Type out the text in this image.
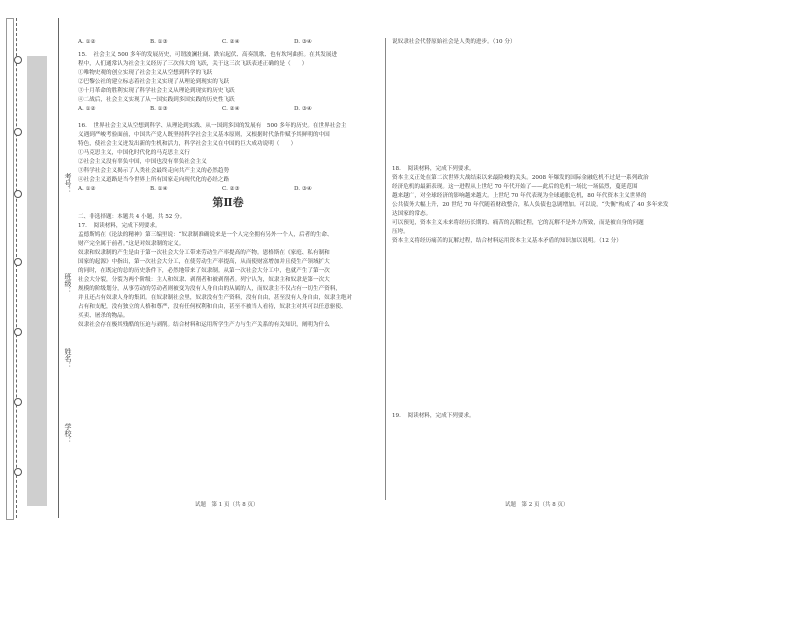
考号：
班级：
姓名：
学校：
A. ①②	B. ①③	C. ②④	D. ③④

15．　社会主义 500 多年的发展历史，可谓波澜壮阔、跌宕起伏、高奏凯歌、也有坎坷曲折。在其发展进

程中，人们通常认为社会主义经历了三次伟大的飞跃，关于这三次飞跃表述正确的是（　　）

①唯物史观的创立实现了社会主义从空想到科学的飞跃

②巴黎公社的建立标志着社会主义实现了从理论到现实的飞跃

③十月革命的胜利实现了科学社会主义从理论到现实的历史飞跃

④二战后，社会主义实现了从一国实践到多国实践的历史性飞跃

A. ①②	B. ①③	C. ②④	D. ③④

16．　世界社会主义从空想到科学、从理论到实践、从一国到多国的发展有　500 多年的历史。在世界社会主

义遇到严峻考验面前，中国共产党人既坚持科学社会主义基本原则，又根据时代条件赋予其鲜明的中国

特色，使社会主义迸发出新的生机和活力，科学社会主义在中国的巨大成功说明（　　）

①马克思主义，中国化时代化的马克思主义行

②社会主义没有辜负中国，中国也没有辜负社会主义

③科学社会主义揭示了人类社会最终走向共产主义的必然趋势

④社会主义道路是当今世界上所有国家走向现代化的必经之路

A. ①②	B. ①④	C. ②③	D. ③④
第Ⅱ卷

二、非选择题：本题共 4 小题，共 52 分。

17．　阅读材料，完成下列要求。

孟德斯鸠在《论法的精神》第三编里说：“奴隶制准确说来是一个人完全拥有另外一个人，后者的生命、

财产完全属于前者。”这是对奴隶制的定义。

奴隶和奴隶制的产生是由于第一次社会大分工带来劳动生产率提高的产物。恩格斯在《家庭、私有制和

国家的起源》中指出，第一次社会大分工，在使劳动生产率提高，从而使财富增加并且使生产领域扩大

的同时，在既定的总的历史条件下，必然地带来了奴隶制。从第一次社会大分工中，也就产生了第一次

社会大分裂，分裂为两个阶级：主人和奴隶、剥削者和被剥削者。列宁认为，奴隶主和奴隶是第一次大

规模的阶级划分，从事劳动的劳动者则被变为没有人身自由的从属的人，而奴隶主不仅占有一切生产资料，

并且还占有奴隶人身的集团。在奴隶制社会里，奴隶没有生产资料，没有自由，甚至没有人身自由，奴隶主绝对

占有和支配，没有独立的人格和尊严，没有任何权利和自由，甚至不被当人看待，奴隶主对其可以任意驱使、

买卖、屠杀的物品。

奴隶社会存在极其残酷的压迫与剥削。结合材料和运用所学生产力与生产关系的有关知识，阐明为什么

说奴隶社会代替原始社会是人类的进步。（10 分）

18．　阅读材料，完成下列要求。

资本主义正处在第二次世界大战结束以来最险峻的关头。2008 年爆发的国际金融危机不过是一系列政治

经济危机的最新表现。这一进程从上世纪 70 年代开始了——此后的危机一场比一场猛烈，蔓延范围

越来越广，对全球经济的影响越来越大。上世纪 70 年代表现为全球通胀危机，80 年代资本主义世界的

公共债务大幅上升，20 世纪 70 年代随着财政整合，私人负债也急剧增加。可以说，“失衡”构成了 40 多年来发

达国家的常态。

可以预见，资本主义未来将经历长期的、痛苦的瓦解过程，它的瓦解不是外力所致，而是被自身的问题

压垮。

资本主义将经历痛苦的瓦解过程，结合材料运用资本主义基本矛盾的知识加以说明。（12 分）

19．　阅读材料，完成下列要求。

试题　第 1 页（共 8 页）	试题　第 2 页（共 8 页）
